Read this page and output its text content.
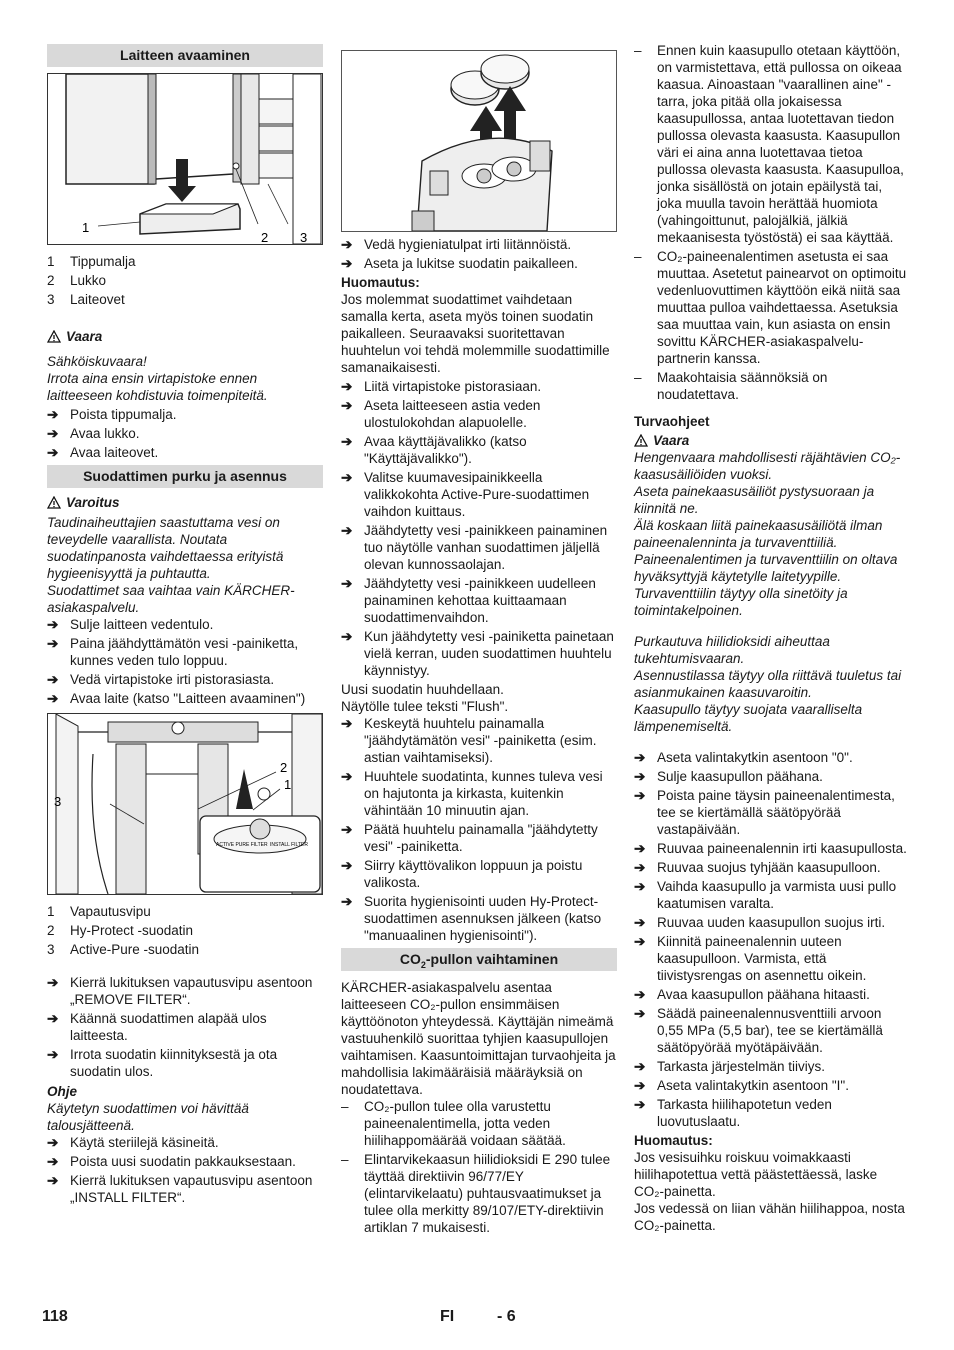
Laitteen avaaminen
1
2 3
1	Tippumalja
2	Lukko
3	Laiteovet
Vaara

Sähköiskuvaara!

Irrota aina ensin virtapistoke ennen laitteeseen kohdistuvia toimenpiteitä.

➔ Poista tippumalja.
➔ Avaa lukko.
➔ Avaa laiteovet.
Suodattimen purku ja asennus
Varoitus

Taudinaiheuttajien saastuttama vesi on teveydelle vaarallista. Noutata suodatinpanosta vaihdettaessa erityistä hygieenisyyttä ja puhtautta.

Suodattimet saa vaihtaa vain KÄRCHER-asiakaspalvelu.

➔ Sulje laitteen vedentulo.
➔ Paina jäähdyttämätön vesi -painiketta, kunnes veden tulo loppuu.
➔ Vedä virtapistoke irti pistorasiasta.
➔ Avaa laite (katso "Laitteen avaaminen")
ACTIVE PURE FILTER INSTALL FILTER
3
2
1
1	Vapautusvipu
2	Hy-Protect -suodatin
3	Active-Pure -suodatin
➔ Kierrä lukituksen vapautusvipu asentoon „REMOVE FILTER“.
➔ Käännä suodattimen alapää ulos laitteesta.
➔ Irrota suodatin kiinnityksestä ja ota suodatin ulos.

Ohje

Käytetyn suodattimen voi hävittää talousjätteenä.

➔ Käytä steriilejä käsineitä.
➔ Poista uusi suodatin pakkauksestaan.
➔ Kierrä lukituksen vapautusvipu asentoon „INSTALL FILTER“.
➔ Vedä hygieniatulpat irti liitännöistä.
➔ Aseta ja lukitse suodatin paikalleen.

Huomautus:

Jos molemmat suodattimet vaihdetaan samalla kerta, aseta myös toinen suodatin paikalleen. Seuraavaksi suoritettavan huuhtelun voi tehdä molemmille suodattimille samanaikaisesti.

➔ Liitä virtapistoke pistorasiaan.
➔ Aseta laitteeseen astia veden ulostulokohdan alapuolelle.
➔ Avaa käyttäjävalikko (katso "Käyttäjävalikko").
➔ Valitse kuumavesipainikkeella valikkokohta Active-Pure-suodattimen vaihdon kuittaus.
➔ Jäähdytetty vesi -painikkeen painaminen tuo näytölle vanhan suodattimen jäljellä olevan kunnossaolajan.
➔ Jäähdytetty vesi -painikkeen uudelleen painaminen kehottaa kuittaamaan suodattimenvaihdon.
➔ Kun jäähdytetty vesi -painiketta painetaan vielä kerran, uuden suodattimen huuhtelu käynnistyy.

Uusi suodatin huuhdellaan.

Näytölle tulee teksti "Flush".

➔ Keskeytä huuhtelu painamalla "jäähdytämätön vesi" -painiketta (esim. astian vaihtamiseksi).
➔ Huuhtele suodatinta, kunnes tuleva vesi on hajutonta ja kirkasta, kuitenkin vähintään 10 minuutin ajan.
➔ Päätä huuhtelu painamalla "jäähdytetty vesi" -painiketta.
➔ Siirry käyttövalikon loppuun ja poistu valikosta.
➔ Suorita hygienisointi uuden Hy-Protect-suodattimen asennuksen jälkeen (katso "manuaalinen hygienisointi").
$CO_2$-pullon vaihtaminen

KÄRCHER-asiakaspalvelu asentaa laitteeseen CO₂-pullon ensimmäisen käyttöönoton yhteydessä. Käyttäjän nimeämä vastuuhenkilö suorittaa tyhjien kaasupullojen vaihtamisen. Kaasuntoimittajan turvaohjeita ja mahdollisia lakimääräisiä määräyksiä on noudatettava.

–	CO₂-pullon tulee olla varustettu paineenalentimella, jotta veden hiilihappomäärää voidaan säätää.
–	Elintarvikekaasun hiilidioksidi E 290 tulee täyttää direktiivin 96/77/EY (elintarvikelaatu) puhtausvaatimukset ja tulee olla merkitty 89/107/ETY-direktiivin artiklan 7 mukaisesti.
–	Ennen kuin kaasupullo otetaan käyttöön, on varmistettava, että pullossa on oikeaa kaasua. Ainoastaan "vaarallinen aine" -tarra, joka pitää olla jokaisessa kaasupullossa, antaa luotettavan tiedon pullossa olevasta kaasusta. Kaasupullon väri ei aina anna luotettavaa tietoa pullossa olevasta kaasusta. Kaasupulloa, jonka sisällöstä on jotain epäilystä tai, joka muulla tavoin herättää huomiota (vahingoittunut, palojälkiä, jälkiä mekaanisesta työstöstä) ei saa käyttää.
–	CO₂-paineenalentimen asetusta ei saa muuttaa. Asetetut painearvot on optimoitu vedenluovuttimen käyttöön eikä niitä saa muuttaa pulloa vaihdettaessa. Asetuksia saa muuttaa vain, kun asiasta on ensin sovittu KÄRCHER-asiakaspalvelu-partnerin kanssa.
–	Maakohtaisia säännöksiä on noudatettava.

Turvaohjeet

Vaara

Hengenvaara mahdollisesti räjähtävien CO₂-kaasusäiliöiden vuoksi.

Aseta painekaasusäiliöt pystysuoraan ja kiinnitä ne.

Älä koskaan liitä painekaasusäiliötä ilman paineenalenninta ja turvaventtiiliä.

Paineenalentimen ja turvaventtiilin on oltava hyväksyttyjä käytetylle laitetyypille.

Turvaventtiilin täytyy olla sinetöity ja toimintakelpoinen.

Purkautuva hiilidioksidi aiheuttaa tukehtumisvaaran.

Asennustilassa täytyy olla riittävä tuuletus tai asianmukainen kaasuvaroitin.

Kaasupullo täytyy suojata vaaralliselta lämpenemiseltä.

➔ Aseta valintakytkin asentoon "0".
➔ Sulje kaasupullon päähana.
➔ Poista paine täysin paineenalentimesta, tee se kiertämällä säätöpyörää vastapäivään.
➔ Ruuvaa paineenalennin irti kaasupullosta.
➔ Ruuvaa suojus tyhjään kaasupulloon.
➔ Vaihda kaasupullo ja varmista uusi pullo kaatumisen varalta.
➔ Ruuvaa uuden kaasupullon suojus irti.
➔ Kiinnitä paineenalennin uuteen kaasupulloon. Varmista, että tiivistysrengas on asennettu oikein.
➔ Avaa kaasupullon päähana hitaasti.
➔ Säädä paineenalennusventtiili arvoon 0,55 MPa (5,5 bar), tee se kiertämällä säätöpyörää myötäpäivään.
➔ Tarkasta järjestelmän tiiviys.
➔ Aseta valintakytkin asentoon "I".
➔ Tarkasta hiilihapotetun veden luovutuslaatu.

Huomautus:

Jos vesisuihku roiskuu voimakkaasti hiilihapotettua vettä päästettäessä, laske CO₂-painetta.

Jos vedessä on liian vähän hiilihappoa, nosta CO₂-painetta.

118	FI	- 6
